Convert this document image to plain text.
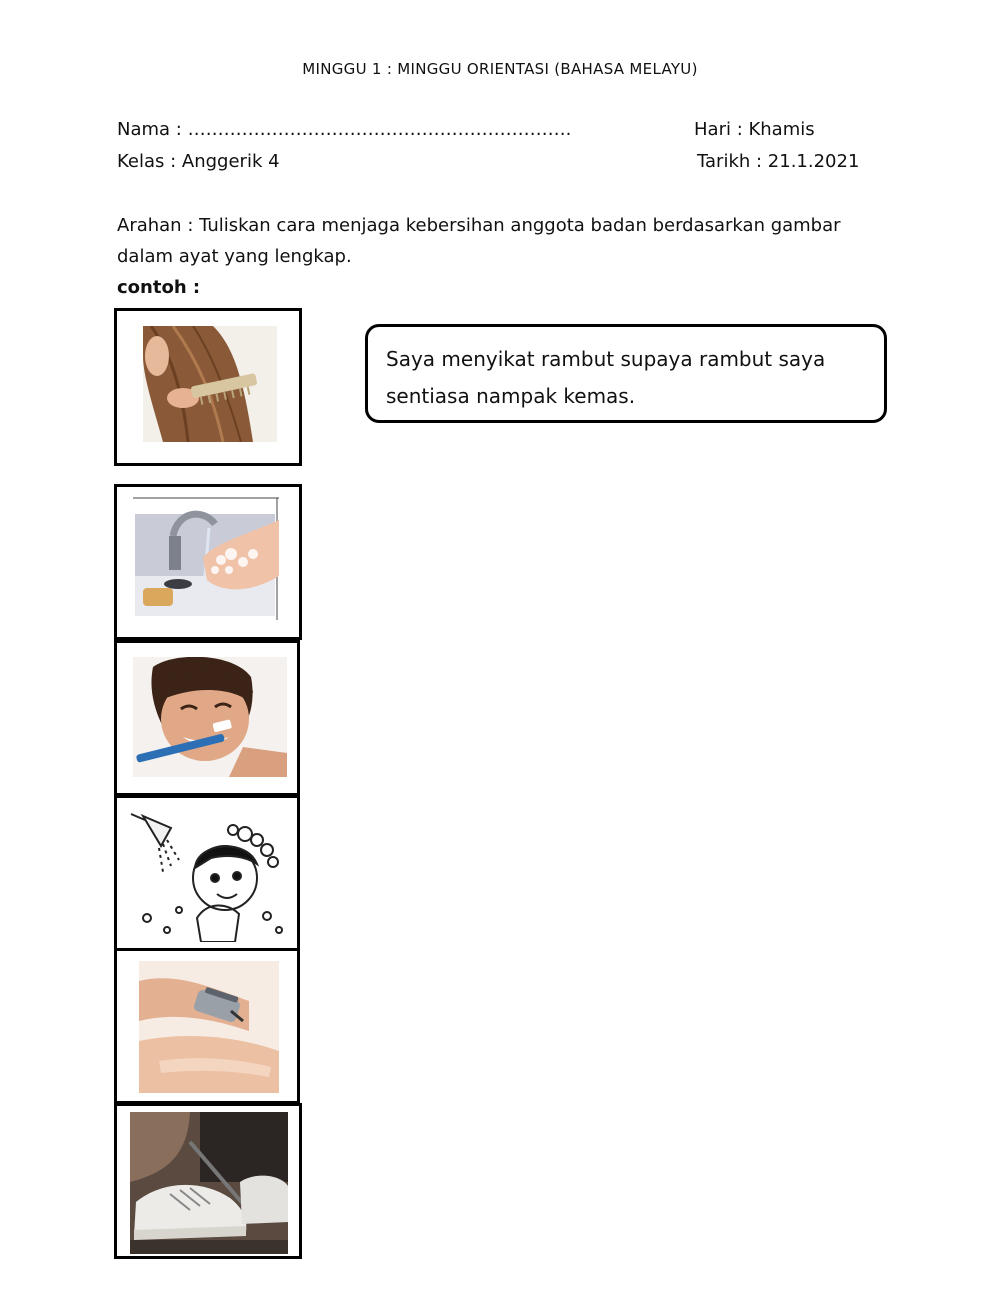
MINGGU 1 : MINGGU ORIENTASI (BAHASA MELAYU)
Nama : ……………………………………………………….	Hari : Khamis
Kelas : Anggerik 4	Tarikh : 21.1.2021
Arahan : Tuliskan cara menjaga kebersihan anggota badan berdasarkan gambar
dalam ayat yang lengkap.
contoh :
Saya menyikat rambut supaya rambut saya
sentiasa nampak kemas.
